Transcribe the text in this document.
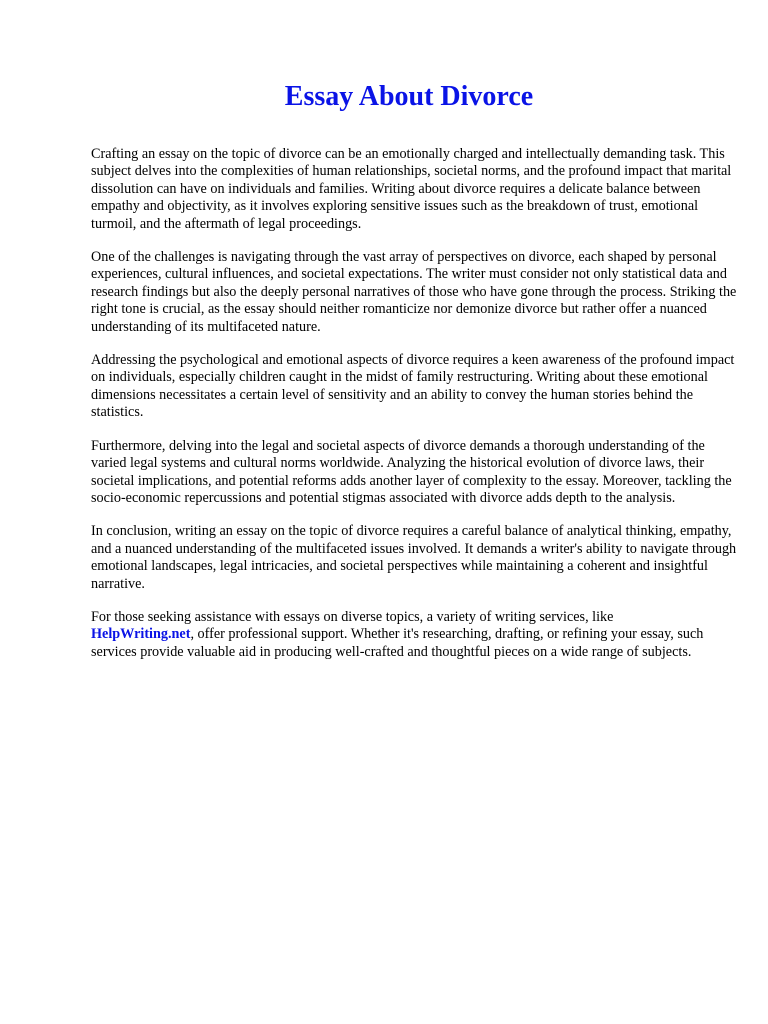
Essay About Divorce

Crafting an essay on the topic of divorce can be an emotionally charged and intellectually demanding task. This subject delves into the complexities of human relationships, societal norms, and the profound impact that marital dissolution can have on individuals and families. Writing about divorce requires a delicate balance between empathy and objectivity, as it involves exploring sensitive issues such as the breakdown of trust, emotional turmoil, and the aftermath of legal proceedings.

One of the challenges is navigating through the vast array of perspectives on divorce, each shaped by personal experiences, cultural influences, and societal expectations. The writer must consider not only statistical data and research findings but also the deeply personal narratives of those who have gone through the process. Striking the right tone is crucial, as the essay should neither romanticize nor demonize divorce but rather offer a nuanced understanding of its multifaceted nature.

Addressing the psychological and emotional aspects of divorce requires a keen awareness of the profound impact on individuals, especially children caught in the midst of family restructuring. Writing about these emotional dimensions necessitates a certain level of sensitivity and an ability to convey the human stories behind the statistics.

Furthermore, delving into the legal and societal aspects of divorce demands a thorough understanding of the varied legal systems and cultural norms worldwide. Analyzing the historical evolution of divorce laws, their societal implications, and potential reforms adds another layer of complexity to the essay. Moreover, tackling the socio-economic repercussions and potential stigmas associated with divorce adds depth to the analysis.

In conclusion, writing an essay on the topic of divorce requires a careful balance of analytical thinking, empathy, and a nuanced understanding of the multifaceted issues involved. It demands a writer's ability to navigate through emotional landscapes, legal intricacies, and societal perspectives while maintaining a coherent and insightful narrative.

For those seeking assistance with essays on diverse topics, a variety of writing services, like
HelpWriting.net, offer professional support. Whether it's researching, drafting, or refining your essay, such services provide valuable aid in producing well-crafted and thoughtful pieces on a wide range of subjects.
